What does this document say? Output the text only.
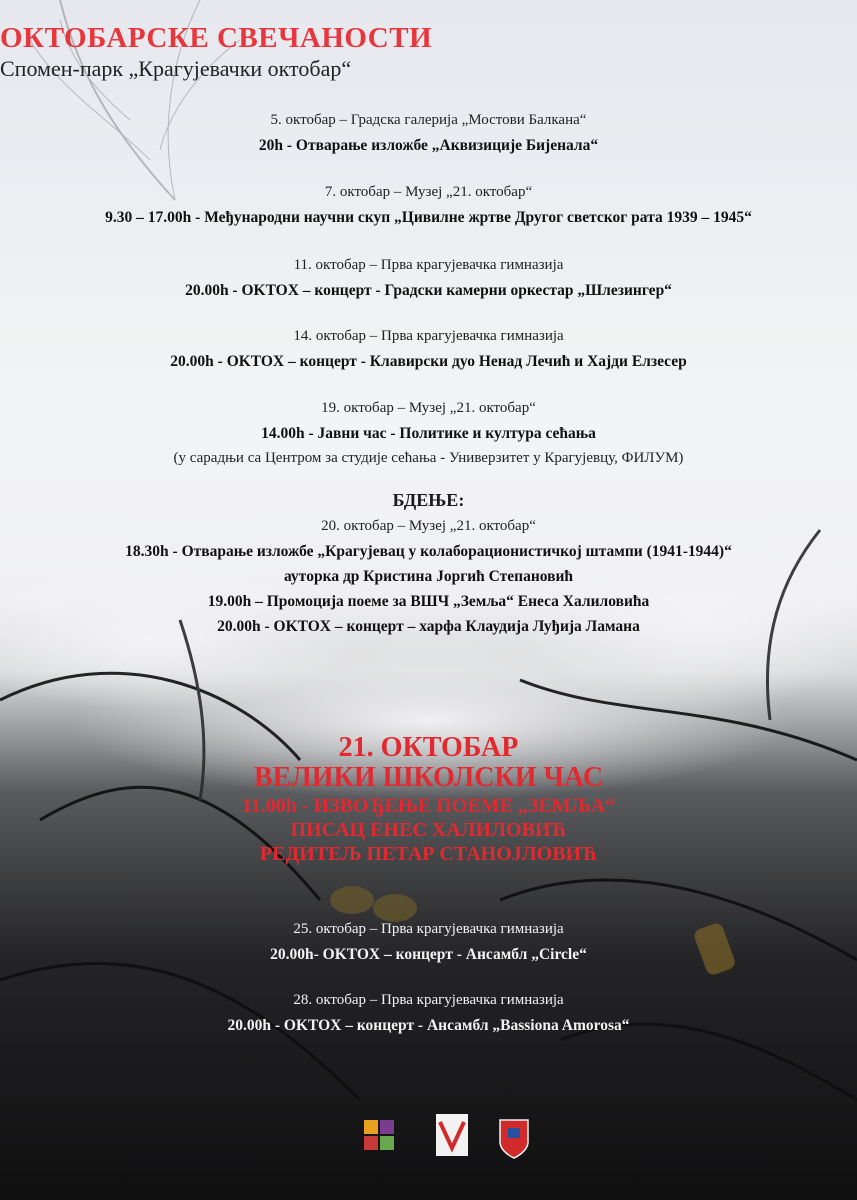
ОКТОБАРСКЕ СВЕЧАНОСТИ
Спомен-парк „Крагујевачки октобар“
5. октобар – Градска галерија „Мостови Балкана“
20h - Отварање изложбе „Аквизиције Бијенала“
7. октобар – Музеј „21. октобар“
9.30 – 17.00h - Међународни научни скуп „Цивилне жртве Другог светског рата 1939 – 1945“
11. октобар – Прва крагујевачка гимназија
20.00h - OKTOX – концерт - Градски камерни оркестар „Шлезингер“
14. октобар – Прва крагујевачка гимназија
20.00h - OKTOX – концерт - Клавирски дуо Ненад Лечић и Хајди Елзесер
19. октобар – Музеј „21. октобар“
14.00h - Јавни час - Политике и култура сећања
(у сарадњи са Центром за студије сећања - Универзитет у Крагујевцу, ФИЛУМ)
БДЕЊЕ:
20. октобар – Музеј „21. октобар“
18.30h - Отварање изложбе „Крагујевац у колаборационистичкој штампи (1941-1944)“
аутoрка др Кристина Јоргић Степановић
19.00h – Промоција поеме за ВШЧ „Земља“ Енеса Халиловића
20.00h - OKTOX – концерт – харфа Клаудија Луђија Ламана
21. ОКТОБАР
ВЕЛИКИ ШКОЛСКИ ЧАС
11.00h - ИЗВОЂЕЊЕ ПОЕМЕ „ЗЕМЉА“
ПИСАЦ ЕНЕС ХАЛИЛОВИЋ
РЕДИТЕЉ ПЕТАР СТАНОЈЛОВИЋ
25. октобар – Прва крагујевачка гимназија
20.00h- OKTOX – концерт - Ансамбл „Circle“
28. октобар – Прва крагујевачка гимназија
20.00h - OKTOX – концерт - Ансамбл „Bassiona Amorosa“
